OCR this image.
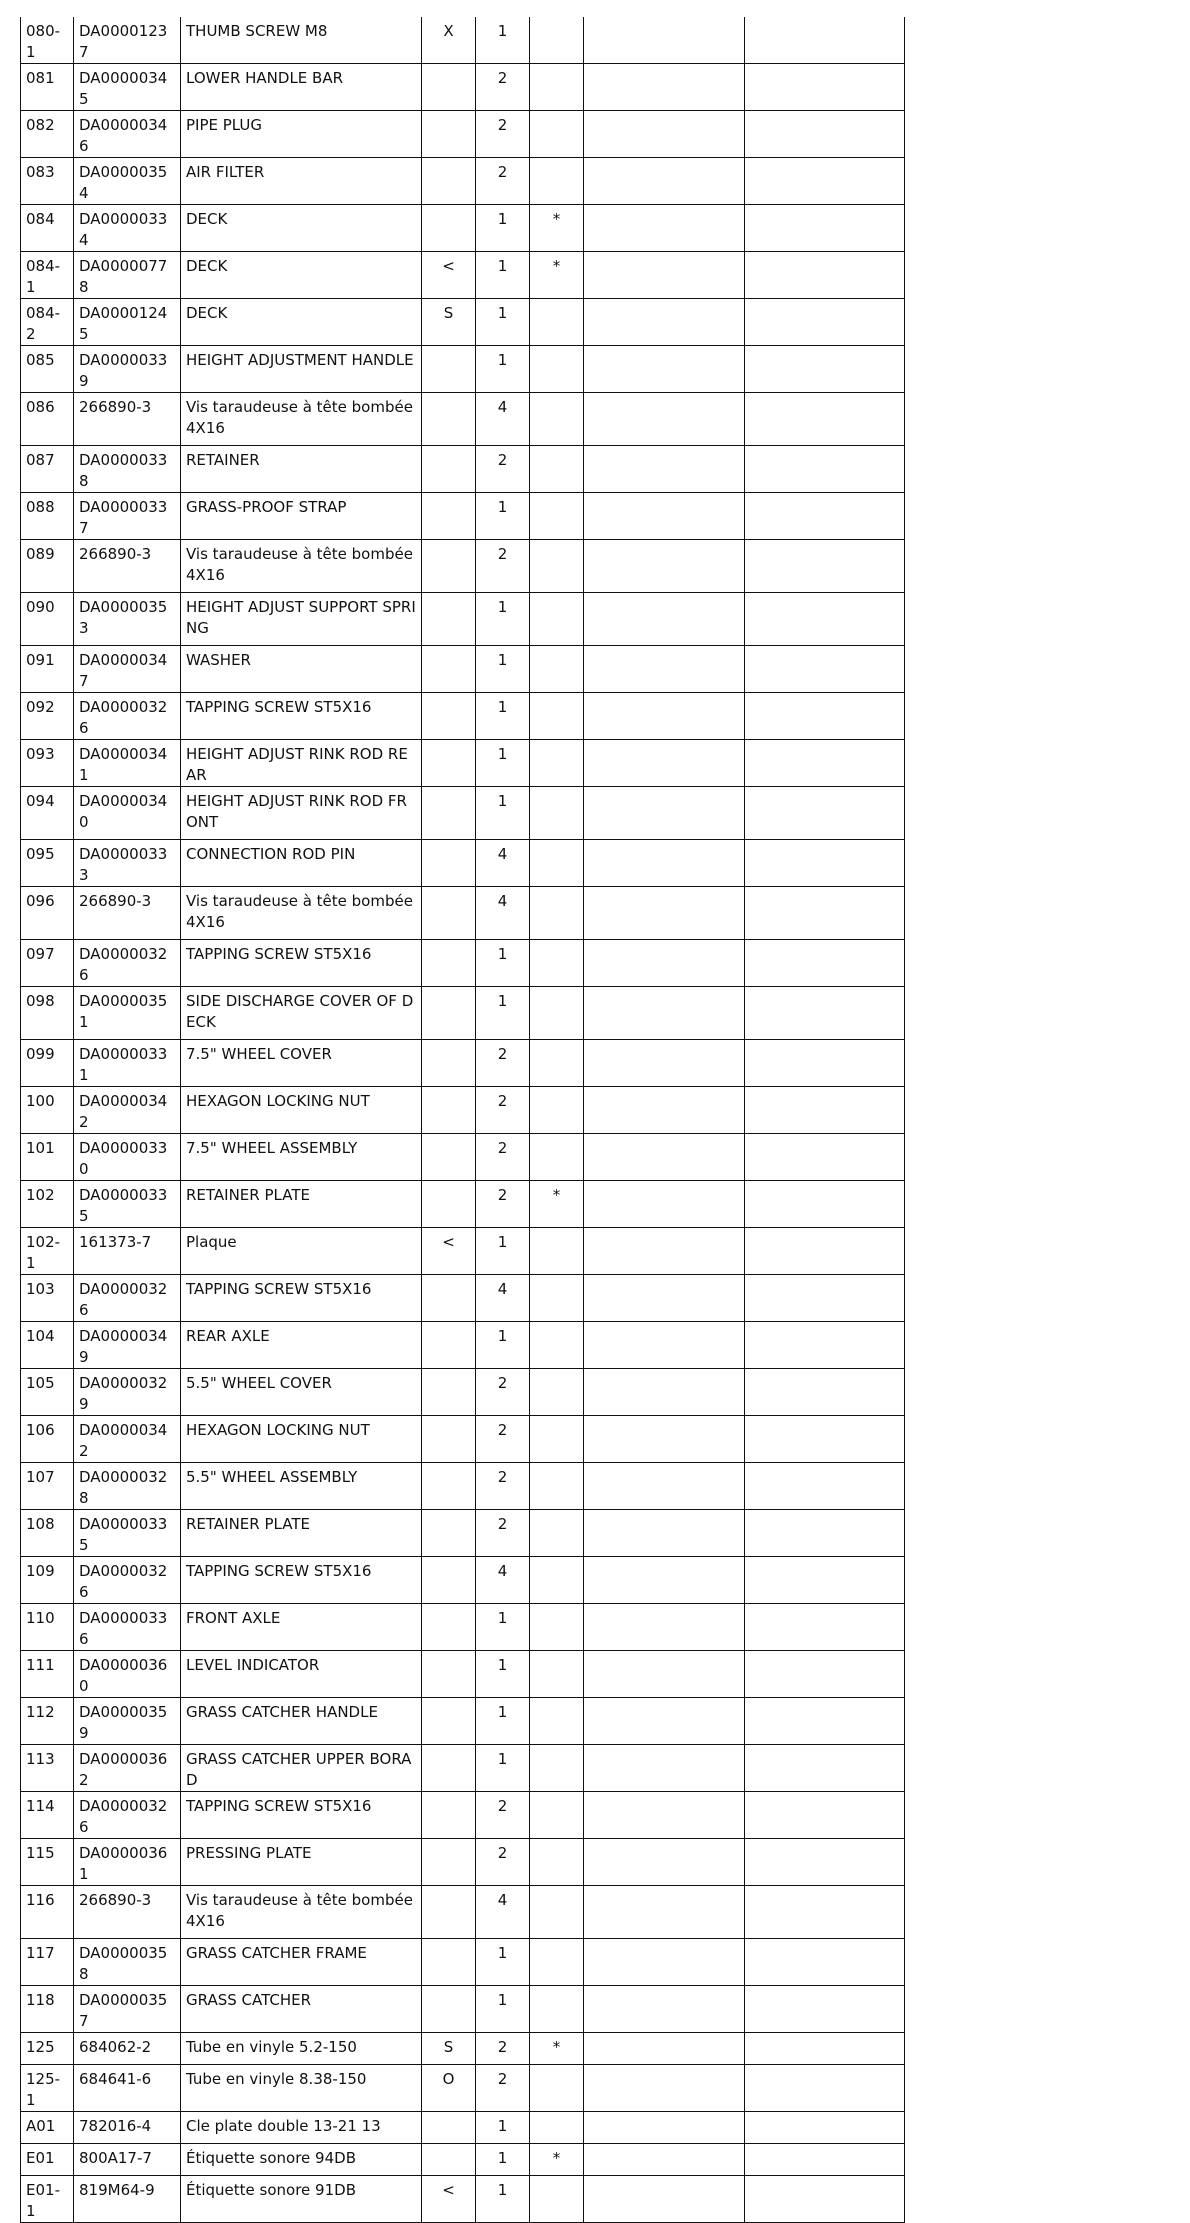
080-1	DA00001237	THUMB SCREW M8	X	1			
081	DA00000345	LOWER HANDLE BAR		2			
082	DA00000346	PIPE PLUG		2			
083	DA00000354	AIR FILTER		2			
084	DA00000334	DECK		1	*		
084-1	DA00000778	DECK	<	1	*		
084-2	DA00001245	DECK	S	1			
085	DA00000339	HEIGHT ADJUSTMENT HANDLE		1			
086	266890-3	Vis taraudeuse à tête bombée 4X16		4			
087	DA00000338	RETAINER		2			
088	DA00000337	GRASS-PROOF STRAP		1			
089	266890-3	Vis taraudeuse à tête bombée 4X16		2			
090	DA00000353	HEIGHT ADJUST SUPPORT SPRING		1			
091	DA00000347	WASHER		1			
092	DA00000326	TAPPING SCREW ST5X16		1			
093	DA00000341	HEIGHT ADJUST RINK ROD REAR		1			
094	DA00000340	HEIGHT ADJUST RINK ROD FRONT		1			
095	DA00000333	CONNECTION ROD PIN		4			
096	266890-3	Vis taraudeuse à tête bombée 4X16		4			
097	DA00000326	TAPPING SCREW ST5X16		1			
098	DA00000351	SIDE DISCHARGE COVER OF DECK		1			
099	DA00000331	7.5" WHEEL COVER		2			
100	DA00000342	HEXAGON LOCKING NUT		2			
101	DA00000330	7.5" WHEEL ASSEMBLY		2			
102	DA00000335	RETAINER PLATE		2	*		
102-1	161373-7	Plaque	<	1			
103	DA00000326	TAPPING SCREW ST5X16		4			
104	DA00000349	REAR AXLE		1			
105	DA00000329	5.5" WHEEL COVER		2			
106	DA00000342	HEXAGON LOCKING NUT		2			
107	DA00000328	5.5" WHEEL ASSEMBLY		2			
108	DA00000335	RETAINER PLATE		2			
109	DA00000326	TAPPING SCREW ST5X16		4			
110	DA00000336	FRONT AXLE		1			
111	DA00000360	LEVEL INDICATOR		1			
112	DA00000359	GRASS CATCHER HANDLE		1			
113	DA00000362	GRASS CATCHER UPPER BORAD		1			
114	DA00000326	TAPPING SCREW ST5X16		2			
115	DA00000361	PRESSING PLATE		2			
116	266890-3	Vis taraudeuse à tête bombée 4X16		4			
117	DA00000358	GRASS CATCHER FRAME		1			
118	DA00000357	GRASS CATCHER		1			
125	684062-2	Tube en vinyle 5.2-150	S	2	*		
125-1	684641-6	Tube en vinyle 8.38-150	O	2			
A01	782016-4	Cle plate double 13-21 13		1			
E01	800A17-7	Étiquette sonore 94DB		1	*		
E01-1	819M64-9	Étiquette sonore 91DB	<	1			
